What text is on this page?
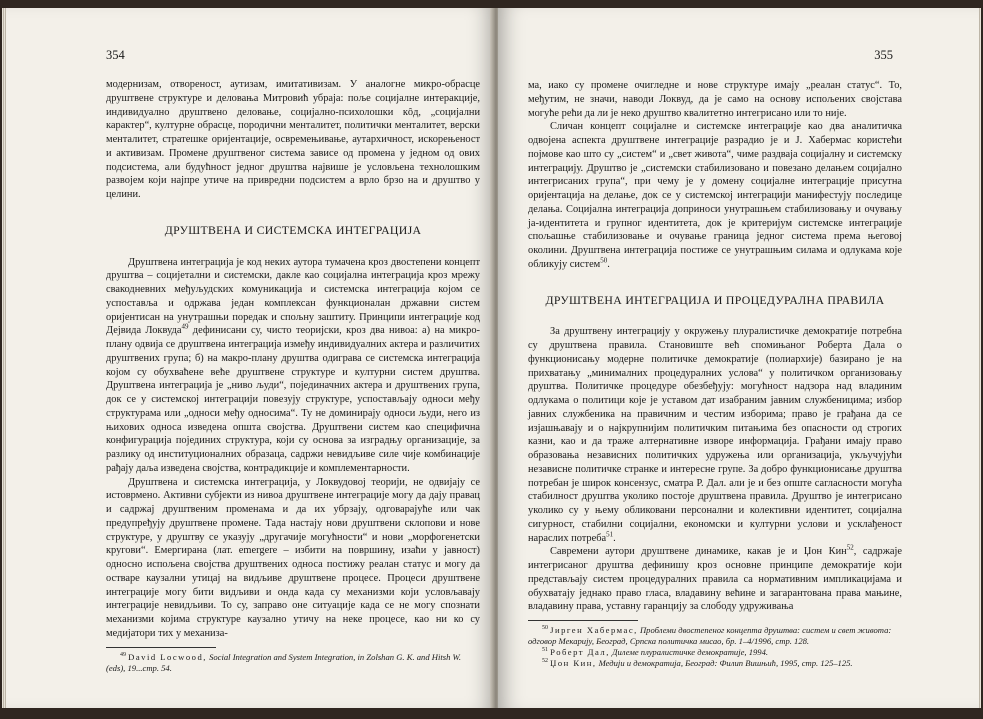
354

модернизам, отвореност, аутизам, имитативизам. У аналогне микро-обрасце друштвене структуре и деловања Митровић убраја: поље социјалне интеракције, индивидуално друштвено деловање, социјално-психолошки кôд, „социјални карактер“, културне обрасце, породични менталитет, политички менталитет, верски менталитет, стратешке оријентације, освремењивање, аутархичност, искорењеност и активизам. Промене друштвеног система зависе од промена у једном од ових подсистема, али будућност једног друштва највише је условљена технолошким развојем који најпре утиче на привредни подсистем а врло брзо на и друштво у целини.

ДРУШТВЕНА И СИСТЕМСКА ИНТЕГРАЦИЈА

Друштвена интеграција је код неких аутора тумачена кроз двостепени концепт друштва – социјетални и системски, дакле као социјална интеграција кроз мрежу свакодневних међуљудских комуникација и системска интеграција којом се успоставља и одржава један комплексан функционалан државни систем оријентисан на унутрашњи поредак и спољну заштиту. Принципи интеграције код Дејвида Локвуда$^{49}$ дефинисани су, чисто теоријски, кроз два нивоа: а) на микро-плану одвија се друштвена интеграција између индивидуалних актера и различитих друштвених група; б) на макро-плану друштва одиграва се системска интеграција којом су обухваћене веће друштвене структуре и културни систем друштва. Друштвена интеграција је „ниво људи“, појединачних актера и друштвених група, док се у системској интеграцији повезују структуре, успостављају односи међу структурама или „односи међу односима“. Ту не доминирају односи људи, него из њихових односа изведена општа својства. Друштвени систем као специфична конфигурација појединих структура, који су основа за изградњу организације, за разлику од институционалних образаца, садржи невидљиве силе чије комбинације рађају даља изведена својства, контрадикције и комплементарности.

Друштвена и системска интеграција, у Локвудовој теорији, не одвијају се истоврмено. Активни субјекти из нивоа друштвене интеграције могу да дају правац и садржај друштвеним променама и да их убрзају, одговарајуће или чак предупређују друштвене промене. Тада настају нови друштвени склопови и нове структуре, у друштву се указују „другачије могућности“ и нови „морфогенетски кругови“. Емергирана (лат. emergere – избити на површину, изаћи у јавност) односно испољена својства друштвених односа постижу реалан статус и могу да остваре каузални утицај на видљиве друштвене процесе. Процеси друштвене интеграције могу бити видљиви и онда када су механизми који условљавају интеграције невидљиви. То су, заправо оне ситуације када се не могу спознати механизми којима структуре каузално утичу на неке процесе, као ни ко су медијатори тих у механиза-

$^{49}$ David Locwood, Social Integration and System Integration, in Zolshan G. K. and Hitsh W. (eds), 19...стр. 54.

355

ма, иако су промене очигледне и нове структуре имају „реалан статус“. То, међутим, не значи, наводи Локвуд, да је само на основу испољених својстава могуће рећи да ли је неко друштво квалитетно интегрисано или то није.

Сличан концепт социјалне и системске интеграције као два аналитичка одвојена аспекта друштвене интеграције разрадио је и Ј. Хабермас користећи појмове као што су „систем“ и „свет живота“, чиме раздваја социјалну и системску интеграцију. Друштво је „системски стабилизовано и повезано делањем социјално интегрисаних група“, при чему је у домену социјалне интеграције присутна оријентација на делање, док се у системској интеграцији манифестују последице делања. Социјална интеграција доприноси унутрашњем стабилизовању и очувању ја-идентитета и групног идентитета, док је критеријум системске интеграције спољашње стабилизовање и очување граница једног система према његовој околини. Друштвена интеграција постиже се унутрашњим силама и одлукама које обликују систем$^{50}$.

ДРУШТВЕНА ИНТЕГРАЦИЈА И ПРОЦЕДУРАЛНА ПРАВИЛА

За друштвену интеграцију у окружењу плуралистичке демократије потребна су друштвена правила. Становиште већ спомињаног Роберта Дала о функционисању модерне политичке демократије (полиархије) базирано је на прихватању „минималних процедуралних услова“ у политичком организовању друштва. Политичке процедуре обезбеђују: могућност надзора над владиним одлукама о политици које је уставом дат изабраним јавним службеницима; избор јавних службеника на правичним и честим изборима; право је грађана да се изјашњавају и о најкрупнијим политичким питањима без опасности од строгих казни, као и да траже алтернативне изворе информација. Грађани имају право образовања независних политичких удружења или организација, укључујући независне политичке странке и интересне групе. За добро функционисање друштва потребан је широк консензус, сматра Р. Дал. али је и без опште сагласности могућа стабилност друштва уколико постоје друштвена правила. Друштво је интегрисано уколико су у њему обликовани персонални и колективни идентитет, социјална сигурност, стабилни социјални, економски и културни услови и усклађеност нараслих потреба$^{51}$.

Савремени аутори друштвене динамике, какав је и Џон Кин$^{52}$, садржаје интегрисаног друштва дефинишу кроз основне принципе демократије који представљају систем процедуралних правила са нормативним импликацијама и обухватају једнако право гласа, владавину већине и загарантована права мањине, владавину права, уставну гаранцију за слободу удруживања

$^{50}$ Јирген Хабермас, Проблеми двостепеног концепта друштва: систем и свет живота: одговор Мекарију, Београд, Српска политичка мисао, бр. 1–4/1996, стр. 128.

$^{51}$ Роберт Дал, Дилеме плуралистичке демократије, 1994.

$^{52}$ Џон Кин, Медији и демократија, Београд: Филип Вишњић, 1995, стр. 125–125.
